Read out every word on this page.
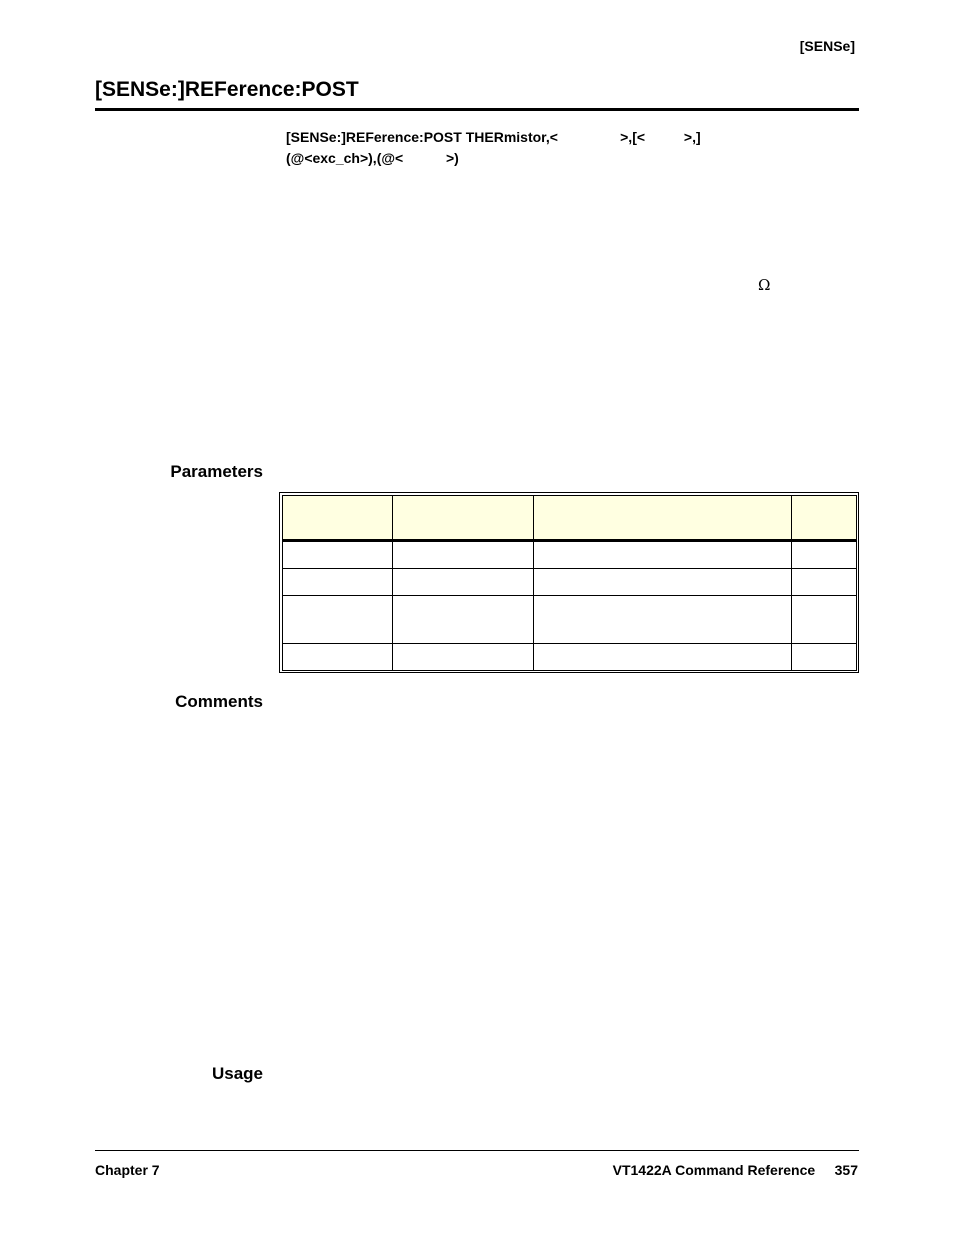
[SENSe]
[SENSe:]REFerence:POST
[SENSe:]REFerence:POST THERmistor,<                >,[<          >,]
(@<exc_ch>),(@<           >)
Ω
Parameters

Comments
Usage
Chapter 7	VT1422A Command Reference 357
